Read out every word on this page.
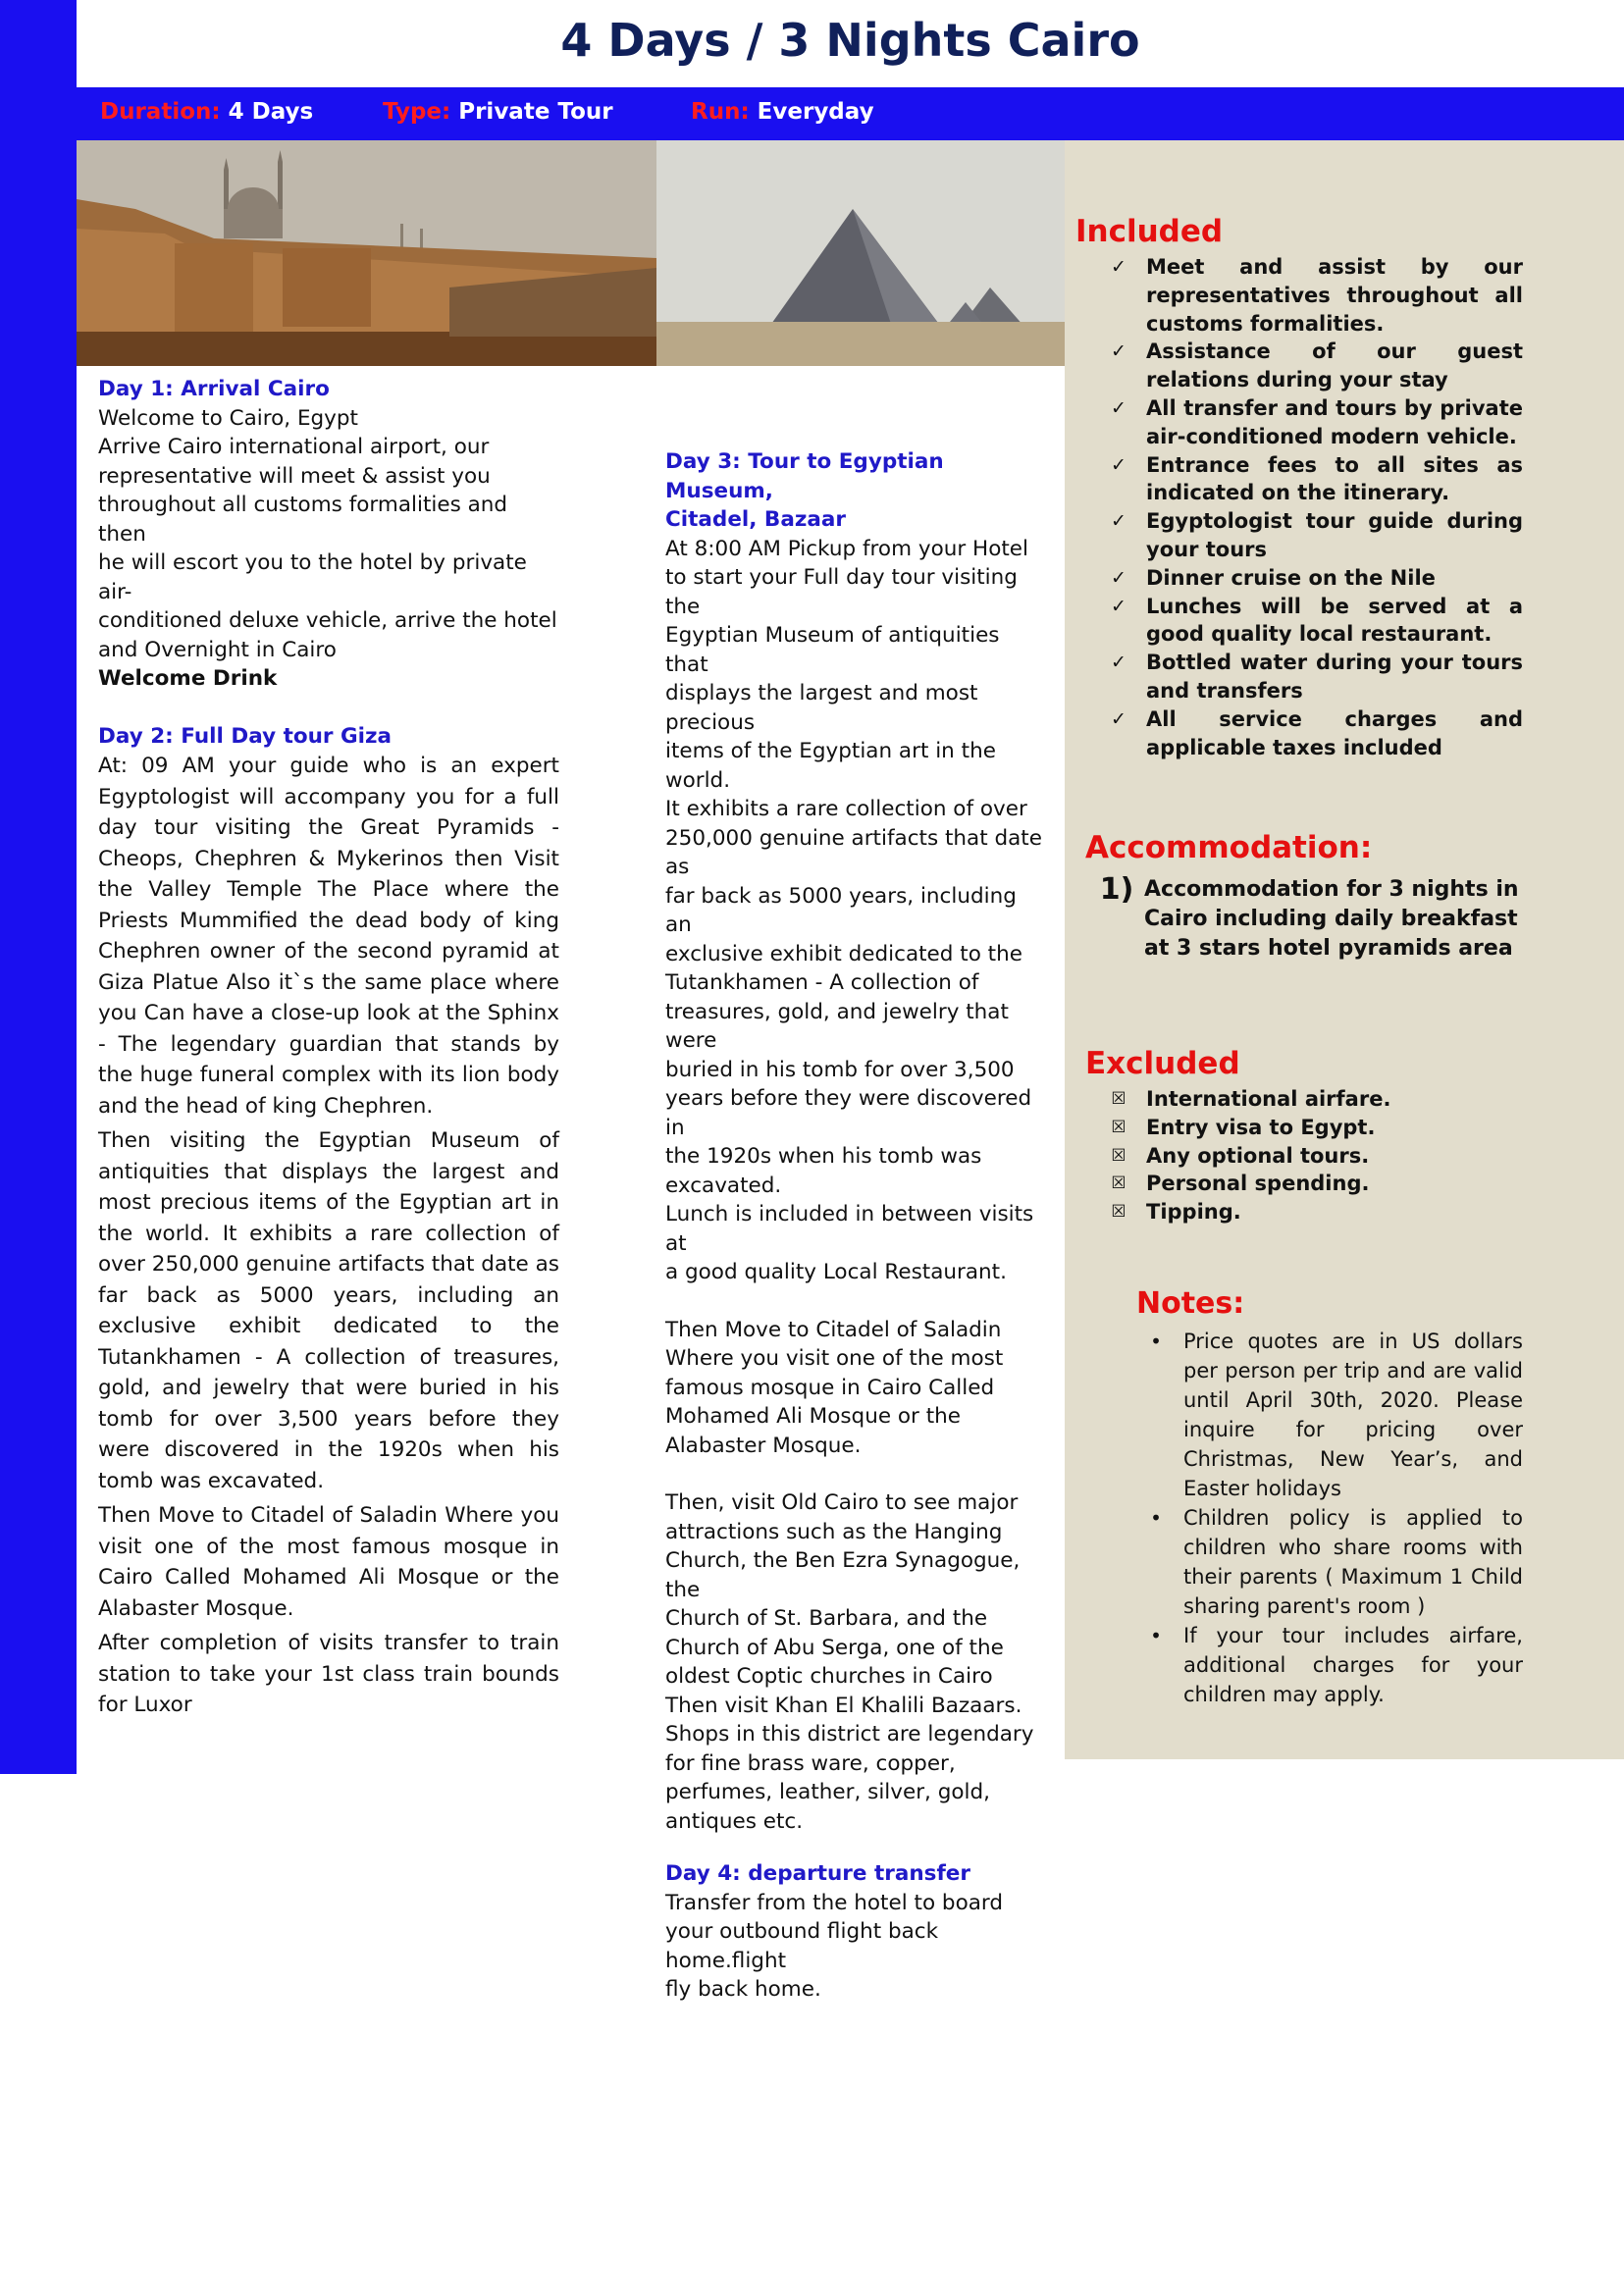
4 Days / 3 Nights Cairo
Duration: 4 Days	Type: Private Tour	Run: Everyday
Day 1: Arrival Cairo
Welcome to Cairo, Egypt
Arrive Cairo international airport, our
representative will meet & assist you
throughout all customs formalities and then
he will escort you to the hotel by private air-
conditioned deluxe vehicle, arrive the hotel
and Overnight in Cairo
Welcome Drink
Day 2: Full Day tour Giza
At: 09 AM your guide who is an expert Egyptologist will accompany you for a full day tour visiting the Great Pyramids - Cheops, Chephren & Mykerinos then Visit the Valley Temple The Place where the Priests Mummified the dead body of king Chephren owner of the second pyramid at Giza Platue Also it`s the same place where you Can have a close-up look at the Sphinx - The legendary guardian that stands by the huge funeral complex with its lion body and the head of king Chephren.
Then visiting the Egyptian Museum of antiquities that displays the largest and most precious items of the Egyptian art in the world. It exhibits a rare collection of over 250,000 genuine artifacts that date as far back as 5000 years, including an exclusive exhibit dedicated to the Tutankhamen - A collection of treasures, gold, and jewelry that were buried in his tomb for over 3,500 years before they were discovered in the 1920s when his tomb was excavated.
Then Move to Citadel of Saladin Where you visit one of the most famous mosque in Cairo Called Mohamed Ali Mosque or the Alabaster Mosque.
After completion of visits transfer to train station to take your 1st class train bounds for Luxor
Day 3: Tour to Egyptian Museum,
Citadel, Bazaar
At 8:00 AM Pickup from your Hotel
to start your Full day tour visiting the
Egyptian Museum of antiquities that
displays the largest and most precious
items of the Egyptian art in the world.
It exhibits a rare collection of over
250,000 genuine artifacts that date as
far back as 5000 years, including an
exclusive exhibit dedicated to the
Tutankhamen - A collection of
treasures, gold, and jewelry that were
buried in his tomb for over 3,500
years before they were discovered in
the 1920s when his tomb was
excavated.
Lunch is included in between visits at
a good quality Local Restaurant.
Then Move to Citadel of Saladin
Where you visit one of the most
famous mosque in Cairo Called
Mohamed Ali Mosque or the
Alabaster Mosque.
Then, visit Old Cairo to see major
attractions such as the Hanging
Church, the Ben Ezra Synagogue, the
Church of St. Barbara, and the
Church of Abu Serga, one of the
oldest Coptic churches in Cairo
Then visit Khan El Khalili Bazaars.
Shops in this district are legendary
for fine brass ware, copper,
perfumes, leather, silver, gold,
antiques etc.
Day 4: departure transfer
Transfer from the hotel to board
your outbound flight back home.flight
fly back home.
Included
✓ Meet and assist by our representatives throughout all customs formalities.
✓ Assistance of our guest relations during your stay
✓ All transfer and tours by private air-conditioned modern vehicle.
✓ Entrance fees to all sites as indicated on the itinerary.
✓ Egyptologist tour guide during your tours
✓ Dinner cruise on the Nile
✓ Lunches will be served at a good quality local restaurant.
✓ Bottled water during your tours and transfers
✓ All service charges and applicable taxes included
Accommodation:
1) Accommodation for 3 nights in Cairo including daily breakfast at 3 stars hotel pyramids area
Excluded
☒ International airfare.
☒ Entry visa to Egypt.
☒ Any optional tours.
☒ Personal spending.
☒ Tipping.
Notes:
•	Price quotes are in US dollars per person per trip and are valid until April 30th, 2020. Please inquire for pricing over Christmas, New Year’s, and Easter holidays
•	Children policy is applied to children who share rooms with their parents ( Maximum 1 Child sharing parent's room )
•	If your tour includes airfare, additional charges for your children may apply.
